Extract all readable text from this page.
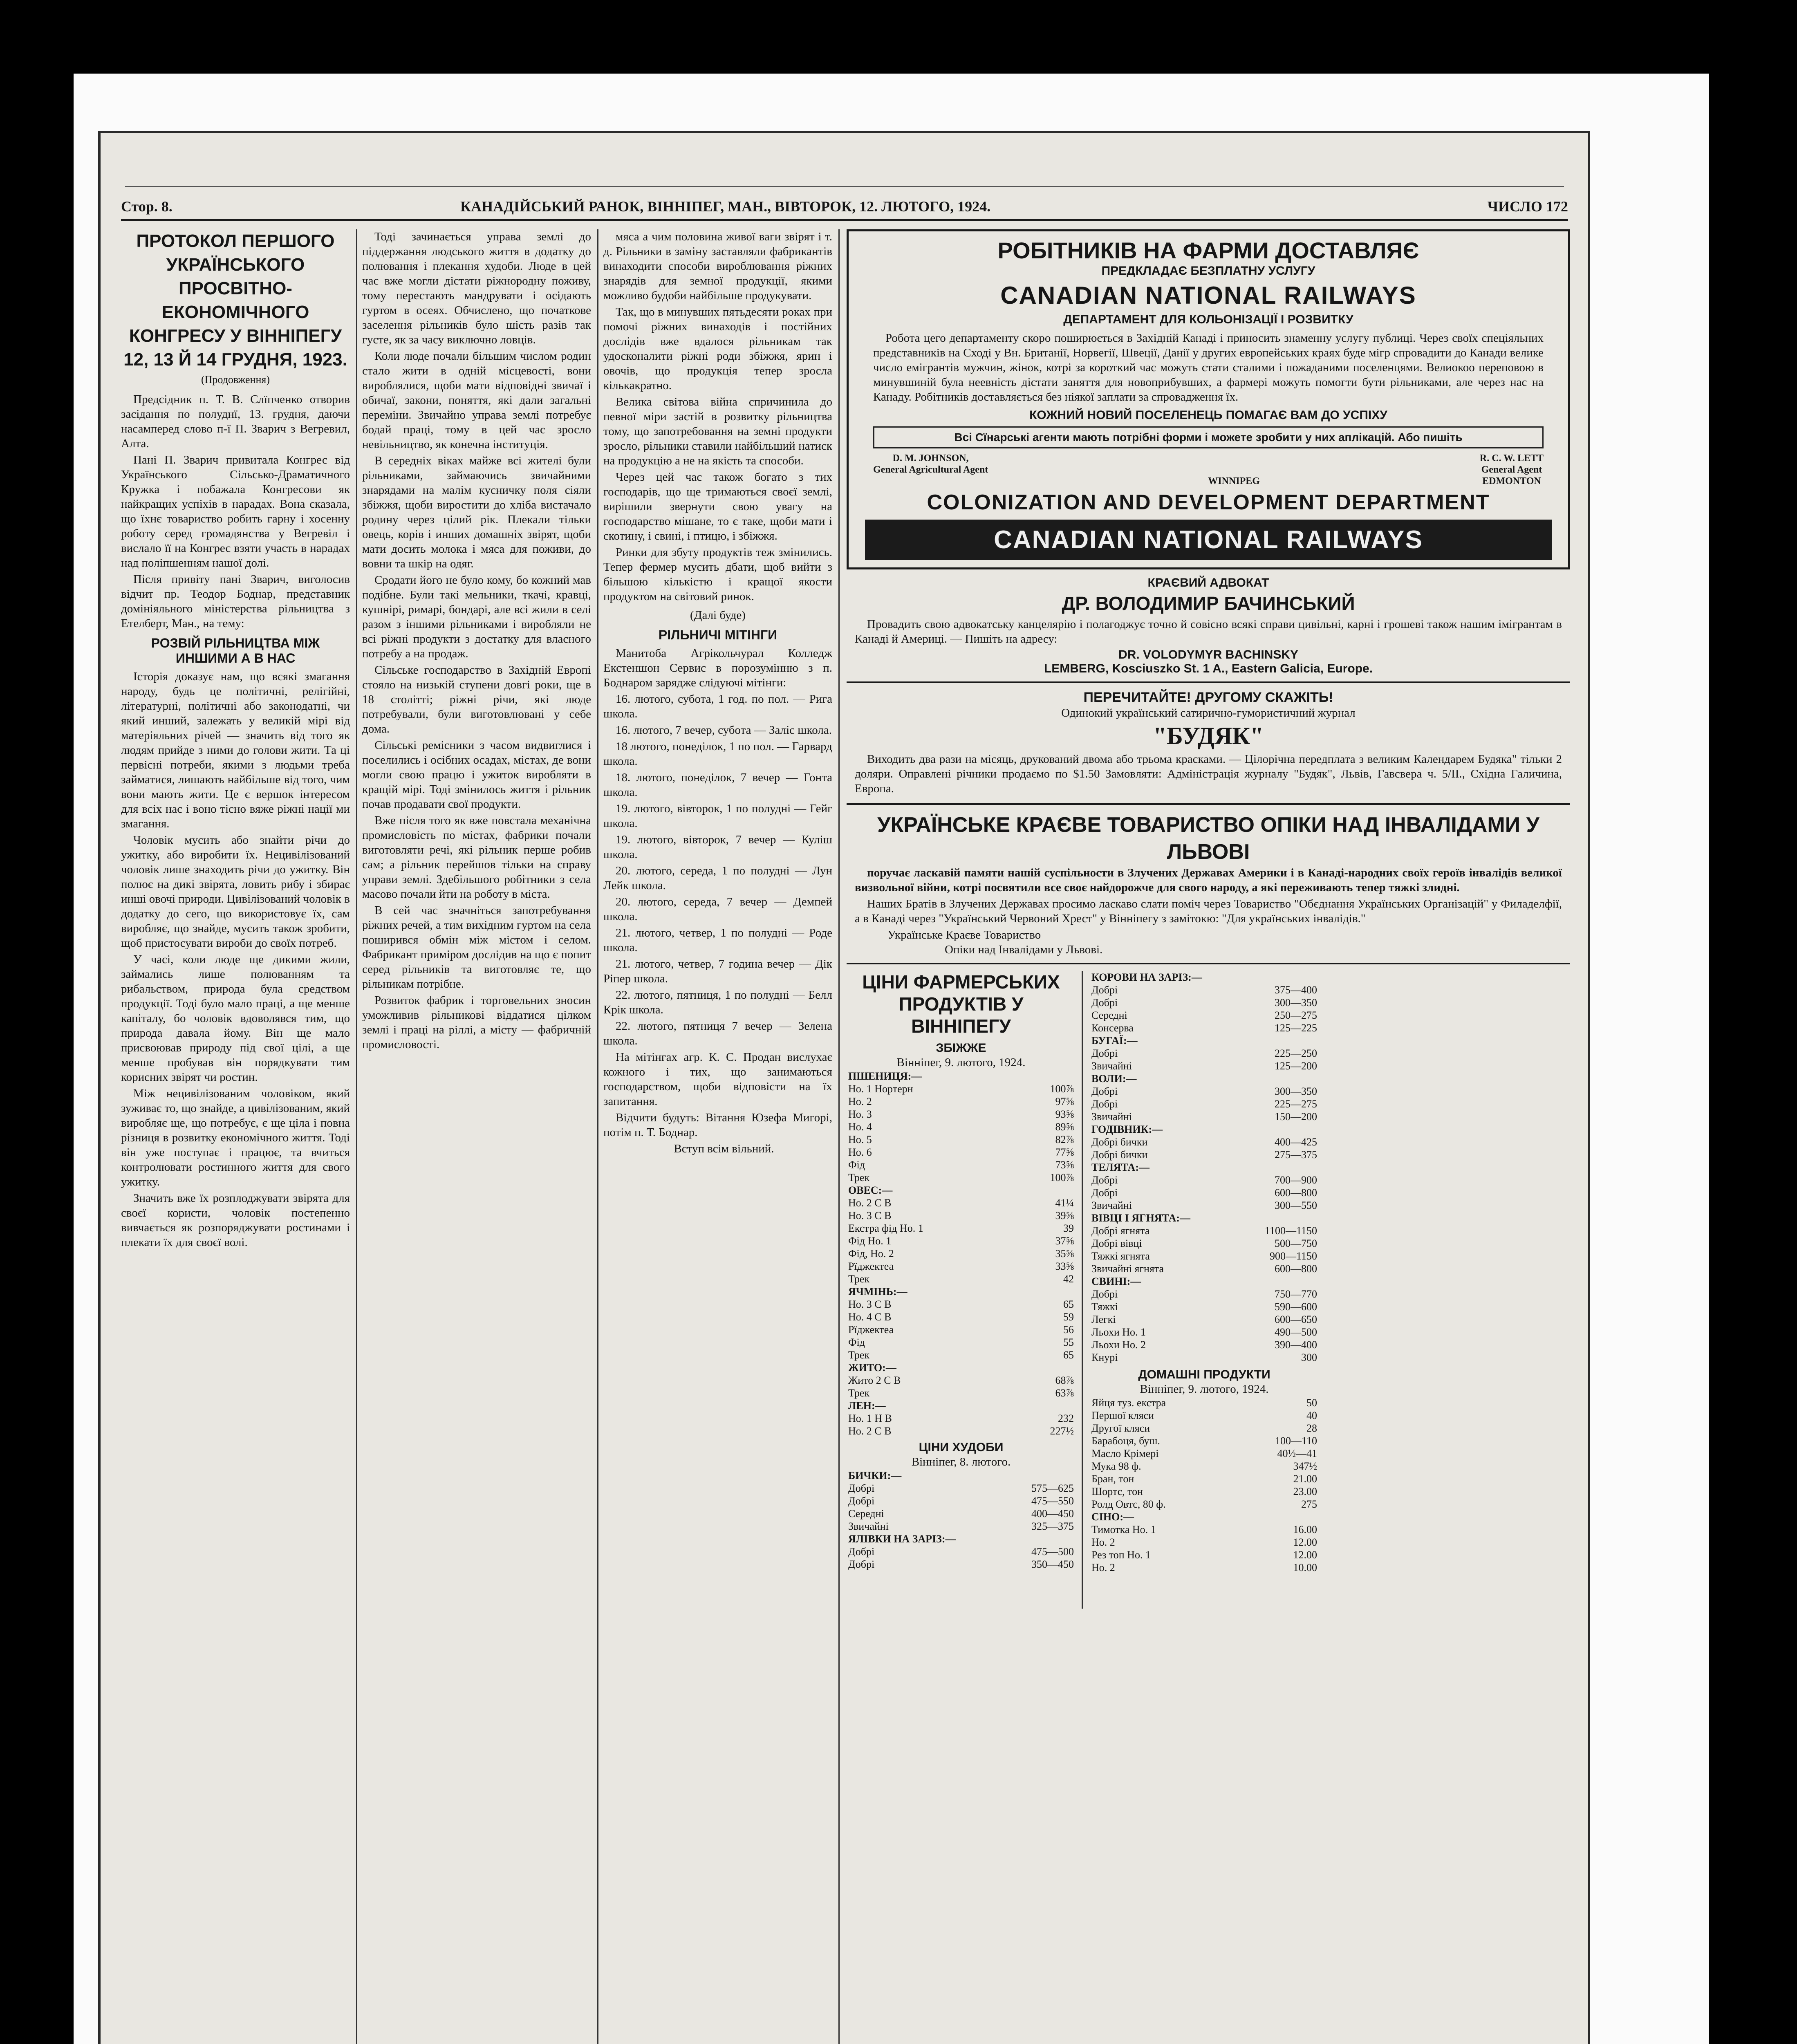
Стор. 8.	КАНАДІЙСЬКИЙ РАНОК, ВІННІПЕГ, МАН., ВІВТОРОК, 12. ЛЮТОГО, 1924.	ЧИСЛО 172
ПРОТОКОЛ ПЕРШОГО УКРАЇНСЬКОГО ПРОСВІТНО-ЕКОНОМІЧНОГО КОНГРЕСУ У ВІННІПЕГУ 12, 13 Й 14 ГРУДНЯ, 1923.
(Продовження)

Предсідник п. Т. В. Слїпченко отворив засідання по полуднї, 13. грудня, даючи насамперед слово п-ї П. Зварич з Вегревил, Алта.

Пані П. Зварич привитала Конгрес від Українського Сільсько-Драматичного Кружка і побажала Конгресови як найкращих успіхів в нарадах. Вона сказала, що їхнє товариство робить гарну і хосенну роботу серед громадянства у Вегревіл і вислало її на Конгрес взяти участь в нарадах над поліпшенням нашої долі.

Після привіту пані Зварич, виголосив відчит пр. Теодор Боднар, представник домініяльного міністерства рільництва з Етелберт, Ман., на тему:

РОЗВІЙ РІЛЬНИЦТВА МІЖ ИНШИМИ А В НАС

Історія доказує нам, що всякі змагання народу, будь це політичні, релігійні, літературні, політичні або законодатні, чи який инший, залежать у великій мірі від матеріяльних річей — значить від того як людям прийде з ними до голови жити. Та ці первісні потреби, якими з людьми треба займатися, лишають найбільше від того, чим вони мають жити. Це є вершок інтересом для всіх нас і воно тісно вяже ріжні нації ми змагання.

Чоловік мусить або знайти річи до ужитку, або виробити їх. Нецивілізований чоловік лише знаходить річи до ужитку. Він полює на дикі звірята, ловить рибу і збирає инші овочі природи. Цивілізований чоловік в додатку до сего, що використовує їх, сам виробляє, що знайде, мусить також зробити, щоб пристосувати вироби до своїх потреб.

У часі, коли люде ще дикими жили, займались лише полюванням та рибальством, природа була средством продукції. Тоді було мало праці, а ще менше капіталу, бо чоловік вдоволявся тим, що природа давала йому. Він ще мало присвоював природу під свої цілі, а ще менше пробував він порядкувати тим корисних звірят чи ростин.

Між нецивілізованим чоловіком, який зуживає то, що знайде, а цивілізованим, який виробляє ще, що потребує, є ще ціла і повна різниця в розвитку економічного життя. Тоді він уже поступає і працює, та вчиться контролювати ростинного життя для свого ужитку.

Значить вже їх розплоджувати звірята для своєї користи, чоловік постепенно вивчається як розпоряджувати ростинами і плекати їх для своєї волі.

Тоді зачинається управа землі до піддержання людського життя в додатку до полювання і плекання худоби. Люде в цей час вже могли дістати ріжнородну поживу, тому перестають мандрувати і осідають гуртом в осеях. Обчислено, що початкове заселення рільників було шість разів так густе, як за часу виключно ловців.

Коли люде почали більшим числом родин стало жити в одній місцевості, вони вироблялися, щоби мати відповідні звичаї і обичаї, закони, поняття, які дали загальні переміни. Звичайно управа землі потребує бодай праці, тому в цей час зросло невільництво, як конечна інституція.

В середніх віках майже всі жителі були рільниками, займаючись звичайними знарядами на малім кусничку поля сіяли збіжжя, щоби виростити до хліба вистачало родину через цілий рік. Плекали тільки овець, корів і инших домашніх звірят, щоби мати досить молока і мяса для поживи, до вовни та шкір на одяг.

Сродати його не було кому, бо кожний мав подібне. Були такі мельники, ткачі, кравці, кушнірі, римарі, бондарі, але всі жили в селі разом з іншими рільниками і виробляли не всі ріжні продукти з достатку для власного потребу а на продаж.

Сільське господарство в Західній Европі стояло на низькій ступени довгі роки, ще в 18 столітті; ріжні річи, які люде потребували, були виготовлювані у себе дома.

Сільські ремісники з часом видвиглися і поселились і осібних осадах, містах, де вони могли свою працю і ужиток виробляти в кращій мірі. Тоді змінилось життя і рільник почав продавати свої продукти.

Вже після того як вже повстала механічна промисловість по містах, фабрики почали виготовляти речі, які рільник перше робив сам; а рільник перейшов тільки на справу управи землі. Здебільшого робітники з села масово почали йти на роботу в міста.

В сей час значніться запотребування ріжних речей, а тим вихідним гуртом на села поширився обмін між містом і селом. Фабрикант приміром дослідив на що є попит серед рільників та виготовляє те, що рільникам потрібне.

Розвиток фабрик і торговельних зносин уможливив рільникові віддатися цілком землі і праці на ріллі, а місту — фабричній промисловості.

мяса а чим половина живої ваги звірят і т. д. Рільники в заміну заставляли фабрикантів винаходити способи вироблювання ріжних знарядів для земної продукції, якими можливо будоби найбільше продукувати.

Так, що в минувших пятьдесяти роках при помочі ріжних винаходів і постійних дослідів вже вдалося рільникам так удосконалити ріжні роди збіжжя, ярин і овочів, що продукція тепер зросла кількакратно.

Велика світова війна спричинила до певної міри застій в розвитку рільництва тому, що запотребовання на земні продукти зросло, рільники ставили найбільший натиск на продукцію а не на якість та способи.

Через цей час також богато з тих господарів, що ще тримаються своєї землі, вирішили звернути свою увагу на господарство мішане, то є таке, щоби мати і скотину, і свині, і птицю, і збіжжя.

Ринки для збуту продуктів теж змінились. Тепер фермер мусить дбати, щоб вийти з більшою кількістю і кращої якости продуктом на світовий ринок.

(Далі буде)
РІЛЬНИЧІ МІТІНГИ

Манитоба Агрікольчурал Колледж Екстеншон Сервис в порозумінню з п. Боднаром зарядже слідуючі мітінги:

16. лютого, субота, 1 год. по пол. — Рига школа.

16. лютого, 7 вечер, субота — Заліс школа.

18 лютого, понеділок, 1 по пол. — Гарвард школа.

18. лютого, понеділок, 7 вечер — Гонта школа.

19. лютого, вівторок, 1 по полудні — Гейг школа.

19. лютого, вівторок, 7 вечер — Куліш школа.

20. лютого, середа, 1 по полудні — Лун Лейк школа.

20. лютого, середа, 7 вечер — Демпей школа.

21. лютого, четвер, 1 по полудні — Роде школа.

21. лютого, четвер, 7 година вечер — Дік Ріпер школа.

22. лютого, пятниця, 1 по полудні — Белл Крік школа.

22. лютого, пятниця 7 вечер — Зелена школа.

На мітінгах агр. К. С. Продан вислухає кожного і тих, що занимаються господарством, щоби відповісти на їх запитання.

Відчити будуть: Вітання Юзефа Мигорі, потім п. Т. Боднар.

Вступ всім вільний.

РОБІТНИКІВ НА ФАРМИ ДОСТАВЛЯЄ
ПРЕДКЛАДАЄ БЕЗПЛАТНУ УСЛУГУ
CANADIAN NATIONAL RAILWAYS
ДЕПАРТАМЕНТ ДЛЯ КОЛЬОНІЗАЦІЇ І РОЗВИТКУ

Робота цего департаменту скоро поширюється в Західній Канаді і приносить знаменну услугу публиці. Через своїх спеціяльних представників на Сході у Вн. Британії, Норвегії, Швеції, Данії у других европейських краях буде мігр спровадити до Канади велике число емігрантів мужчин, жінок, котрі за короткий час можуть стати сталими і пожаданими поселенцями. Велиокоо переповою в минувшиній була неевність дістати заняття для новоприбувших, а фармері можуть помогти бути рільниками, але через нас на Канаду. Робітників доставляється без ніякої заплати за спровадження їх.

КОЖНИЙ НОВИЙ ПОСЕЛЕНЕЦЬ ПОМАГАЄ ВАМ ДО УСПІХУ
Всі Сїнарські агенти мають потрібні форми і можете зробити у них аплікацій. Або пишіть
D. M. JOHNSON,
General Agricultural Agent
WINNIPEG
R. C. W. LETT
General Agent
EDMONTON
COLONIZATION AND DEVELOPMENT DEPARTMENT
CANADIAN NATIONAL RAILWAYS
КРАЄВИЙ АДВОКАТ
ДР. ВОЛОДИМИР БАЧИНСЬКИЙ

Провадить свою адвокатську канцелярію і полагоджує точно й совісно всякі справи цивільні, карні і грошеві також нашим імігрантам в Канаді й Америці. — Пишіть на адресу:

DR. VOLODYMYR BACHINSKY
LEMBERG, Kosciuszko St. 1 A., Eastern Galicia, Europe.
ПЕРЕЧИТАЙТЕ! ДРУГОМУ СКАЖІТЬ!
Одинокий український сатирично-гумористичний журнал
"БУДЯК"

Виходить два рази на місяць, друкований двома або трьома красками. — Цілорічна передплата з великим Календарем Будяка" тільки 2 доляри. Оправлені річники продаємо по $1.50 Замовляти: Адміністрація журналу "Будяк", Львів, Гавсвера ч. 5/II., Східна Галичина, Европа.

УКРАЇНСЬКЕ КРАЄВЕ ТОВАРИСТВО ОПІКИ НАД ІНВАЛІДАМИ У ЛЬВОВІ

поручає ласкавій памяти нашій суспільности в Злучених Державах Америки і в Канаді-народних своїх героїв інвалідів великої визвольної війни, котрі посвятили все своє найдорожче для свого народу, а які переживають тепер тяжкі злидні.

Наших Братів в Злучених Державах просимо ласкаво слати поміч через Товариство "Обєднання Українських Організацій" у Филаделфії, а в Канаді через "Український Червоний Хрест" у Вінніпегу з замітокю: "Для українських інвалідів."

Українське Краєве Товариство
Опіки над Інвалідами у Львові.

ЦІНИ ФАРМЕРСЬКИХ ПРОДУКТІВ У ВІННІПЕГУ
ЗБІЖЖЕ
Вінніпег, 9. лютого, 1924.
ПШЕНИЦЯ:—	
Но. 1 Нортерн	100⅞
Но. 2	97⅝
Но. 3	93⅝
Но. 4	89⅝
Но. 5	82⅞
Но. 6	77⅝
Фід	73⅝
Трек	100⅞
ОВЕС:—	
Но. 2 С В	41¼
Но. 3 С В	39⅝
Екстра фід Но. 1	39
Фід Но. 1	37⅝
Фід, Но. 2	35⅝
Рїджектеа	33⅝
Трек	42
ЯЧМІНЬ:—	
Но. 3 С В	65
Но. 4 С В	59
Рїджектеа	56
Фід	55
Трек	65
ЖИТО:—	
Жито 2 С В	68⅞
Трек	63⅞
ЛЕН:—	
Но. 1 Н В	232
Но. 2 С В	227½
ЦІНИ ХУДОБИ
Вінніпег, 8. лютого.
БИЧКИ:—	
Добрі	575—625
Добрі	475—550
Середні	400—450
Звичайні	325—375
ЯЛІВКИ НА ЗАРІЗ:—	
Добрі	475—500
Добрі	350—450
КОРОВИ НА ЗАРІЗ:—	
Добрі	375—400
Добрі	300—350
Середні	250—275
Консерва	125—225
БУГАЇ:—	
Добрі	225—250
Звичайні	125—200
ВОЛИ:—	
Добрі	300—350
Добрі	225—275
Звичайні	150—200
ГОДІВНИК:—	
Добрі бички	400—425
Добрі бички	275—375
ТЕЛЯТА:—	
Добрі	700—900
Добрі	600—800
Звичайні	300—550
ВІВЦІ І ЯГНЯТА:—	
Добрі ягнята	1100—1150
Добрі вівці	500—750
Тяжкі ягнята	900—1150
Звичайні ягнята	600—800
СВИНІ:—	
Добрі	750—770
Тяжкі	590—600
Легкі	600—650
Льохи Но. 1	490—500
Льохи Но. 2	390—400
Кнурі	300
ДОМАШНІ ПРОДУКТИ
Вінніпег, 9. лютого, 1924.
Яйця туз. екстра	50
Першої кляси	40
Другої кляси	28
Барабоця, буш.	100—110
Масло Крімері	40½—41
Мука 98 ф.	347½
Бран, тон	21.00
Шортс, тон	23.00
Ролд Овтс, 80 ф.	275
СІНО:—	
Тимотка Но. 1	16.00
Но. 2	12.00
Рез топ Но. 1	12.00
Но. 2	10.00
